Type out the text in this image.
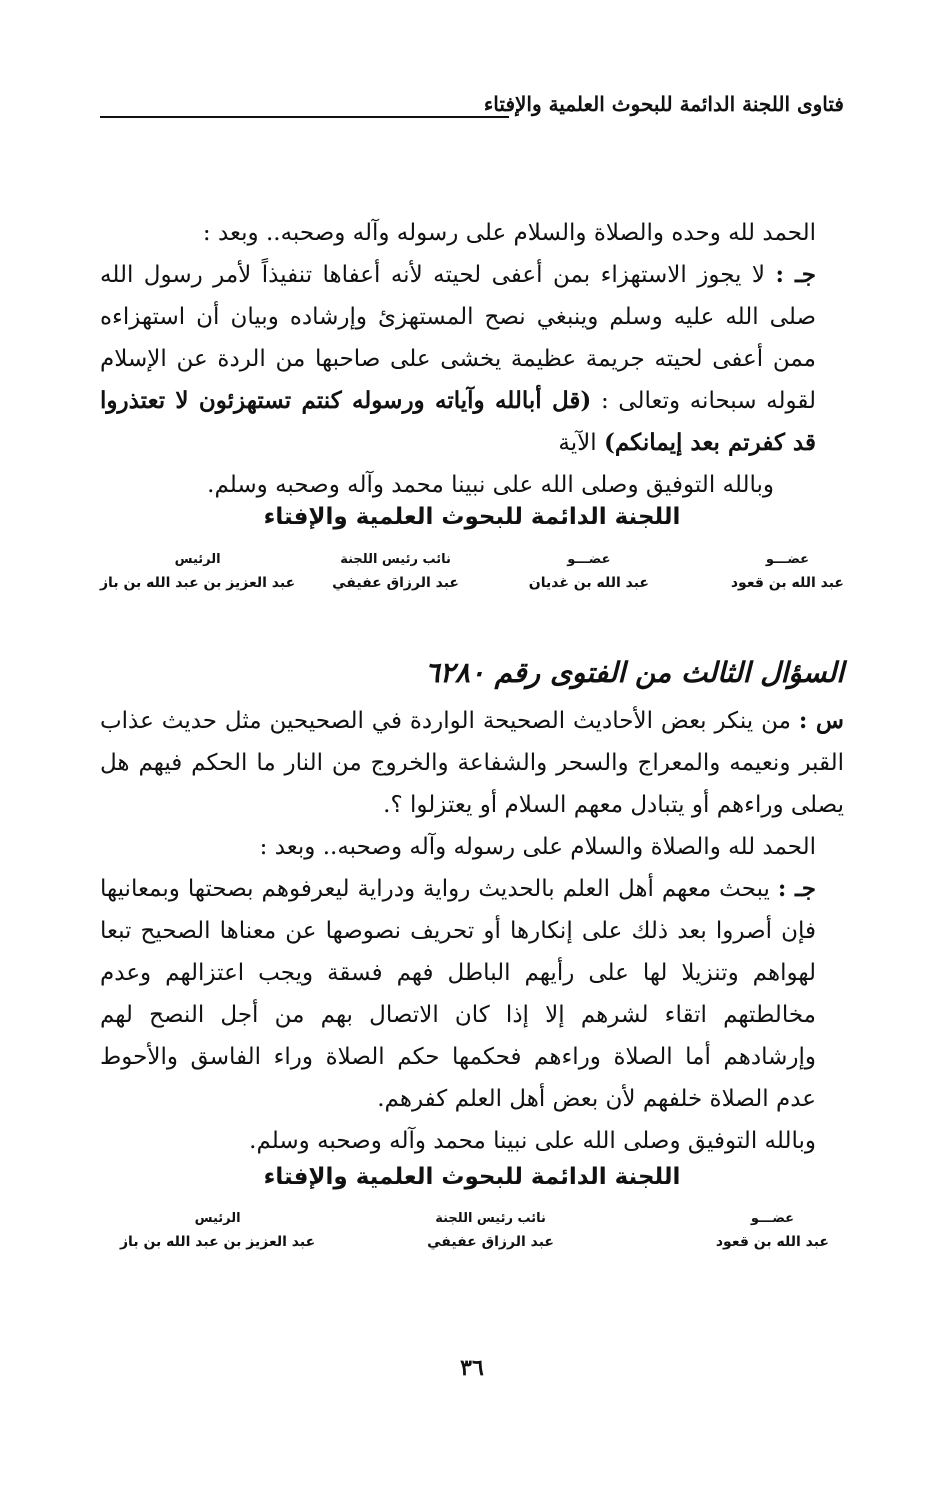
فتاوى اللجنة الدائمة للبحوث العلمية والإفتاء

الحمد لله وحده والصلاة والسلام على رسوله وآله وصحبه.. وبعد :

جـ : لا يجوز الاستهزاء بمن أعفى لحيته لأنه أعفاها تنفيذاً لأمر رسول الله صلى الله عليه وسلم وينبغي نصح المستهزئ وإرشاده وبيان أن استهزاءه ممن أعفى لحيته جريمة عظيمة يخشى على صاحبها من الردة عن الإسلام لقوله سبحانه وتعالى : (قل أبالله وآياته ورسوله كنتم تستهزئون لا تعتذروا قد كفرتم بعد إيمانكم) الآية

وبالله التوفيق وصلى الله على نبينا محمد وآله وصحبه وسلم.

اللجنة الدائمة للبحوث العلمية والإفتاء
عضـــو
عبد الله بن قعود
عضـــو
عبد الله بن غديان
نائب رئيس اللجنة
عبد الرزاق عفيفي
الرئيس
عبد العزيز بن عبد الله بن باز

السؤال الثالث من الفتوى رقم ٦٢٨٠

س : من ينكر بعض الأحاديث الصحيحة الواردة في الصحيحين مثل حديث عذاب القبر ونعيمه والمعراج والسحر والشفاعة والخروج من النار ما الحكم فيهم هل يصلى وراءهم أو يتبادل معهم السلام أو يعتزلوا ؟.

الحمد لله والصلاة والسلام على رسوله وآله وصحبه.. وبعد :

جـ : يبحث معهم أهل العلم بالحديث رواية ودراية ليعرفوهم بصحتها وبمعانيها فإن أصروا بعد ذلك على إنكارها أو تحريف نصوصها عن معناها الصحيح تبعا لهواهم وتنزيلا لها على رأيهم الباطل فهم فسقة ويجب اعتزالهم وعدم مخالطتهم اتقاء لشرهم إلا إذا كان الاتصال بهم من أجل النصح لهم وإرشادهم أما الصلاة وراءهم فحكمها حكم الصلاة وراء الفاسق والأحوط عدم الصلاة خلفهم لأن بعض أهل العلم كفرهم.

وبالله التوفيق وصلى الله على نبينا محمد وآله وصحبه وسلم.

اللجنة الدائمة للبحوث العلمية والإفتاء
عضـــو
عبد الله بن قعود
نائب رئيس اللجنة
عبد الرزاق عفيفي
الرئيس
عبد العزيز بن عبد الله بن باز
٣٦
